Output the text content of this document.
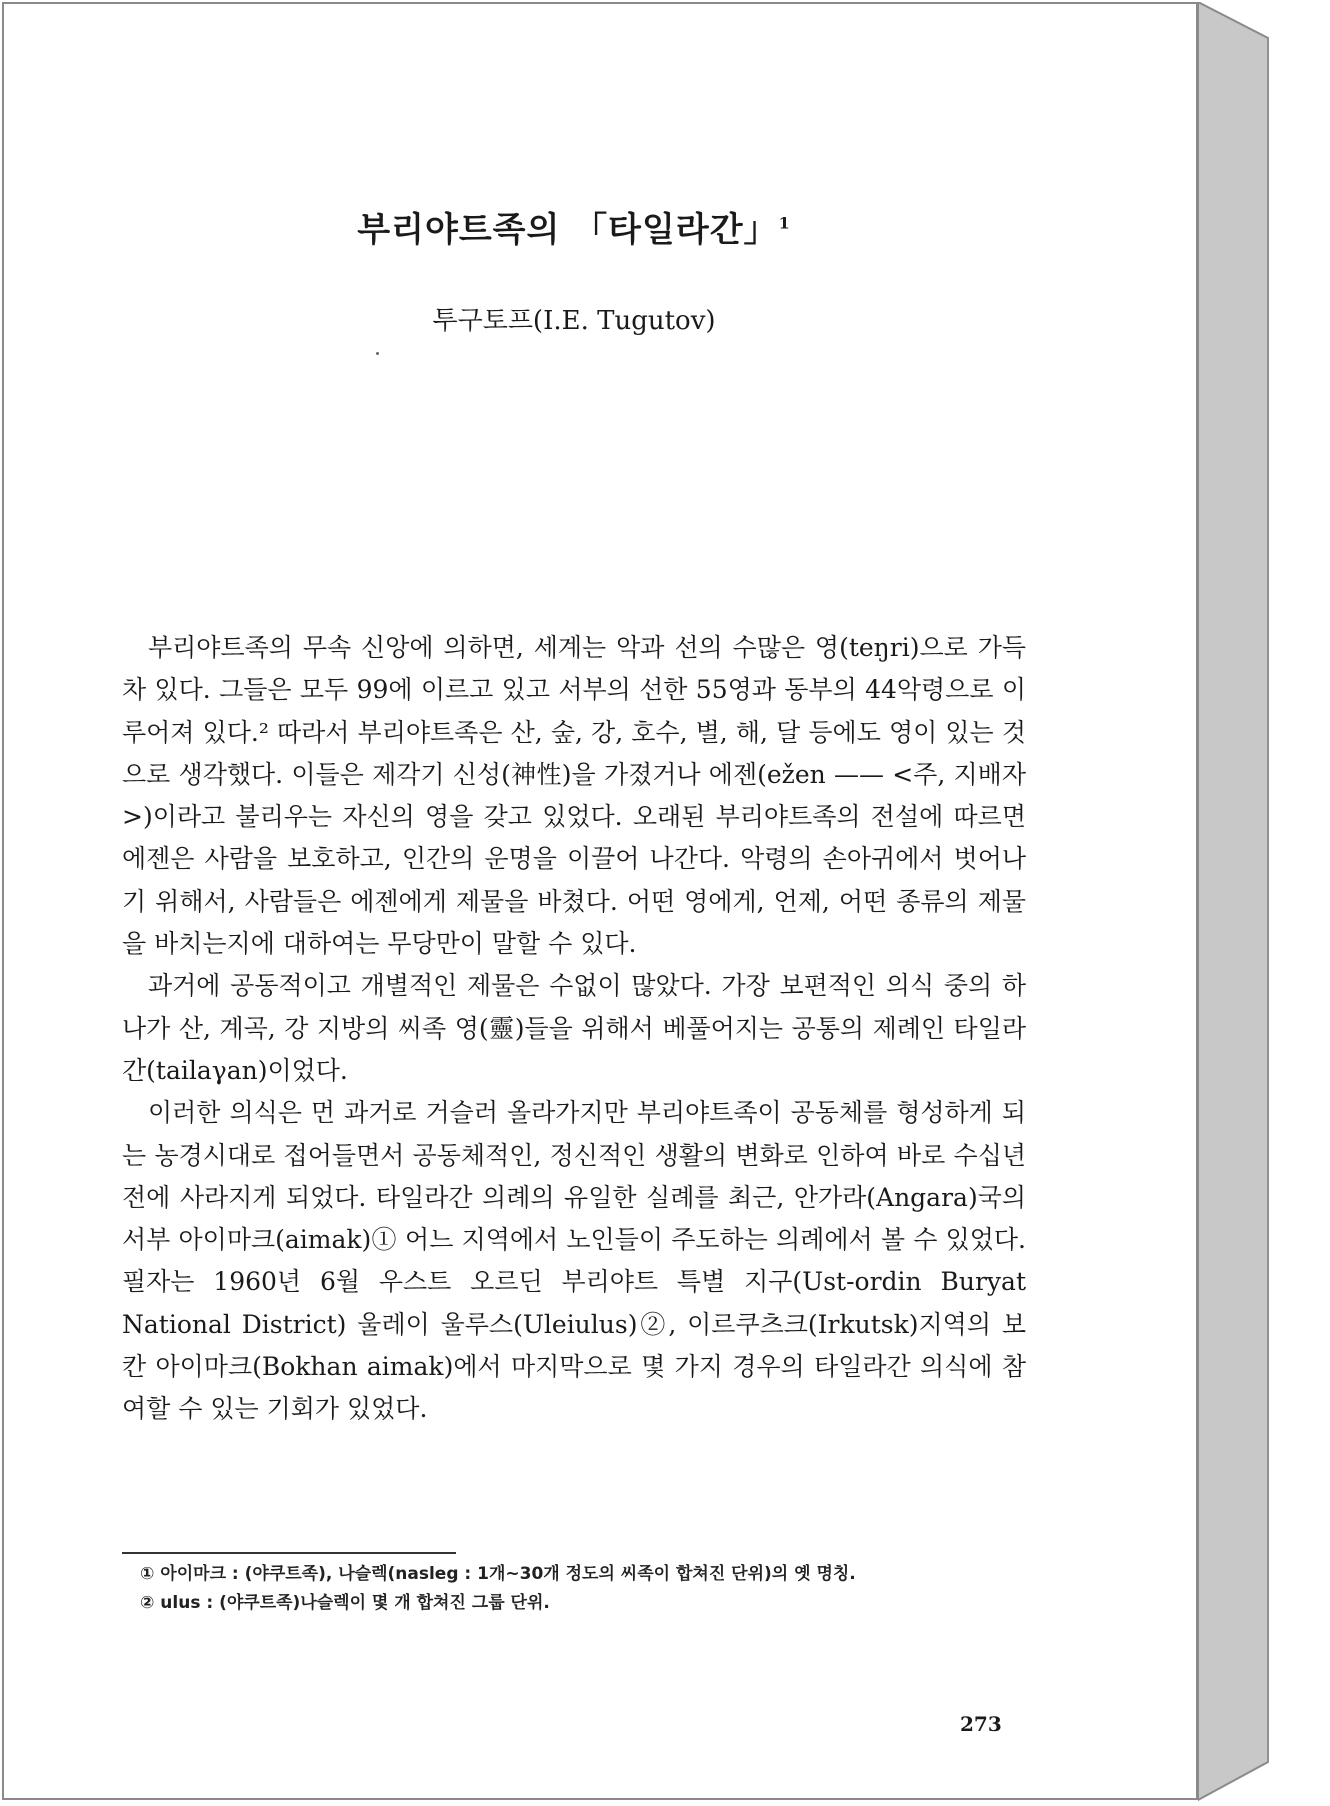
부리야트족의 「타일라간」$^1$
투구토프(I.E. Tugutov)

부리야트족의 무속 신앙에 의하면, 세계는 악과 선의 수많은 영(teŋri)으로 가득 차 있다. 그들은 모두 99에 이르고 있고 서부의 선한 55영과 동부의 44악령으로 이루어져 있다.² 따라서 부리야트족은 산, 숲, 강, 호수, 별, 해, 달 등에도 영이 있는 것으로 생각했다. 이들은 제각기 신성(神性)을 가졌거나 에젠(ežen —— <주, 지배자>)이라고 불리우는 자신의 영을 갖고 있었다. 오래된 부리야트족의 전설에 따르면 에젠은 사람을 보호하고, 인간의 운명을 이끌어 나간다. 악령의 손아귀에서 벗어나기 위해서, 사람들은 에젠에게 제물을 바쳤다. 어떤 영에게, 언제, 어떤 종류의 제물을 바치는지에 대하여는 무당만이 말할 수 있다.

과거에 공동적이고 개별적인 제물은 수없이 많았다. 가장 보편적인 의식 중의 하나가 산, 계곡, 강 지방의 씨족 영(靈)들을 위해서 베풀어지는 공통의 제례인 타일라간(tailaγan)이었다.

이러한 의식은 먼 과거로 거슬러 올라가지만 부리야트족이 공동체를 형성하게 되는 농경시대로 접어들면서 공동체적인, 정신적인 생활의 변화로 인하여 바로 수십년 전에 사라지게 되었다. 타일라간 의례의 유일한 실례를 최근, 안가라(Angara)국의 서부 아이마크(aimak)① 어느 지역에서 노인들이 주도하는 의례에서 볼 수 있었다. 필자는 1960년 6월 우스트 오르딘 부리야트 특별 지구(Ust-ordin Buryat National District) 울레이 울루스(Uleiulus)②, 이르쿠츠크(Irkutsk)지역의 보칸 아이마크(Bokhan aimak)에서 마지막으로 몇 가지 경우의 타일라간 의식에 참여할 수 있는 기회가 있었다.

① 아이마크 : (야쿠트족), 나슬렉(nasleg : 1개~30개 정도의 씨족이 합쳐진 단위)의 옛 명칭.
② ulus : (야쿠트족)나슬렉이 몇 개 합쳐진 그룹 단위.
273
